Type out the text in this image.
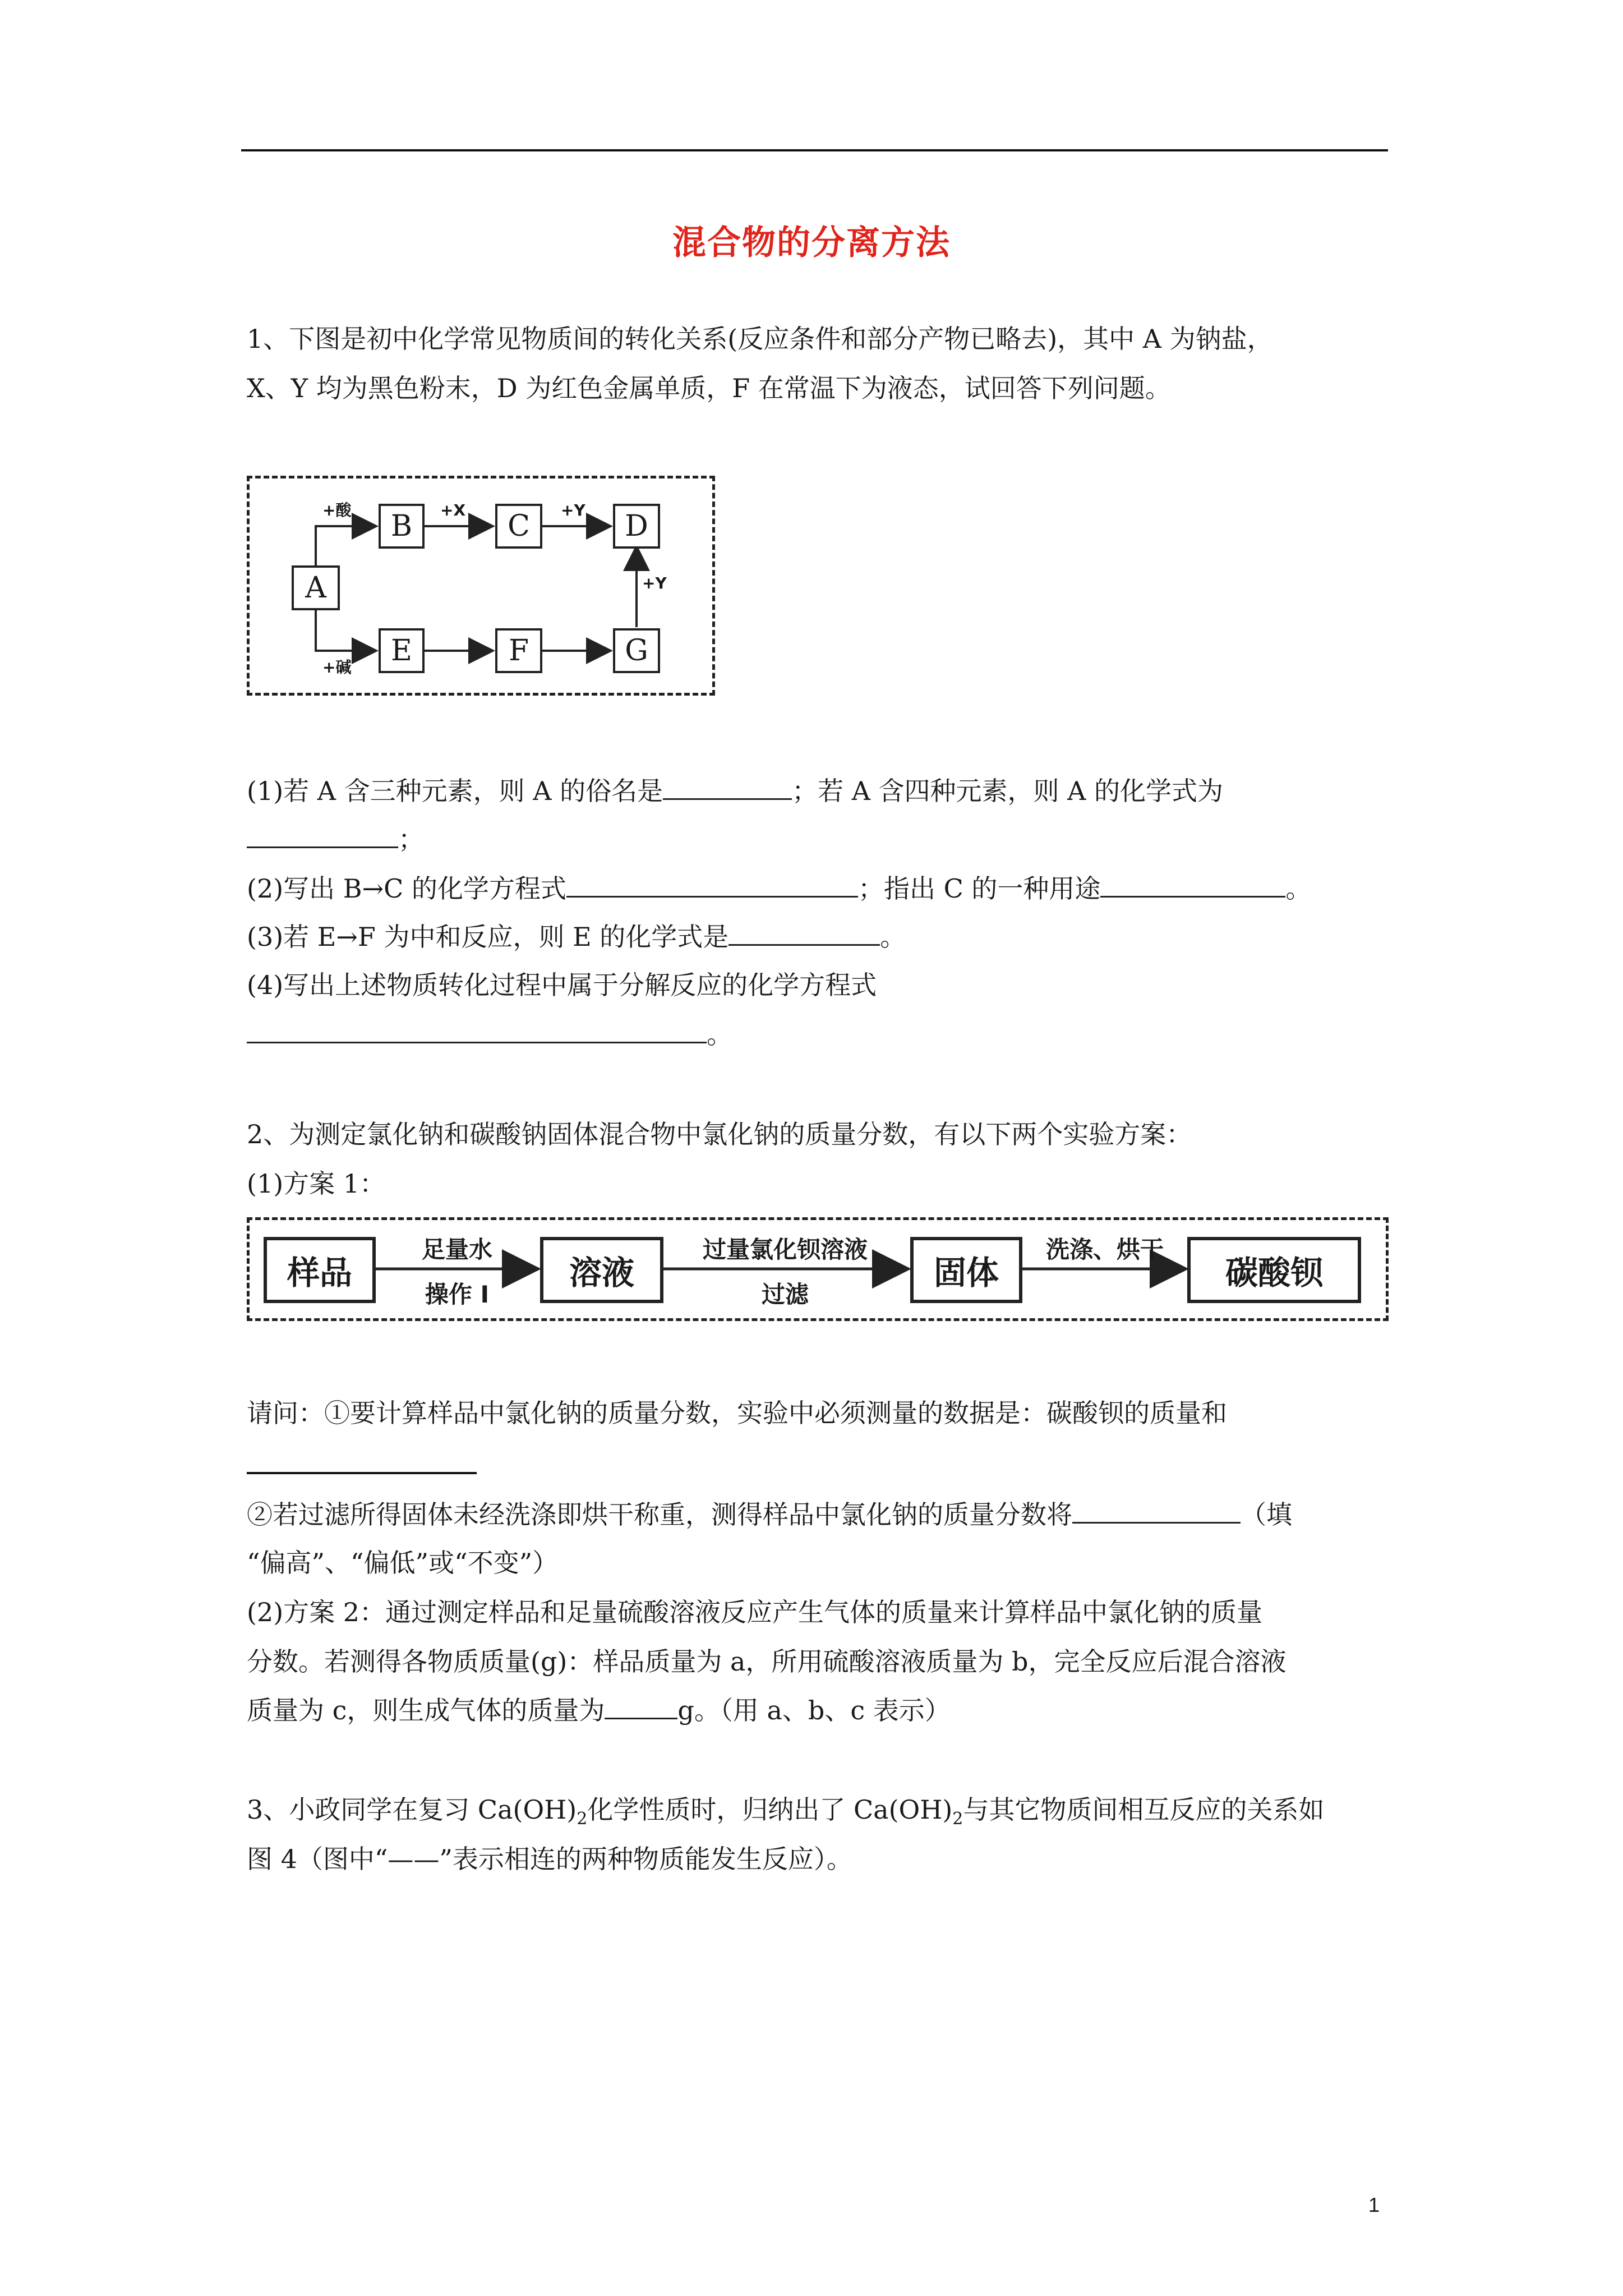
混合物的分离方法
1、下图是初中化学常见物质间的转化关系(反应条件和部分产物已略去)，其中 A 为钠盐，
X、Y 均为黑色粉末，D 为红色金属单质，F 在常温下为液态，试回答下列问题。
A
B	C	D
E	F	G
+酸	+X	+Y
+Y
+碱
(1)若 A 含三种元素，则 A 的俗名是	；若 A 含四种元素，则 A 的化学式为
；
(2)写出 B→C 的化学方程式	；指出 C 的一种用途	。
(3)若 E→F 为中和反应，则 E 的化学式是	。
(4)写出上述物质转化过程中属于分解反应的化学方程式
。
2、为测定氯化钠和碳酸钠固体混合物中氯化钠的质量分数，有以下两个实验方案：
(1)方案 1：
样品	溶液	固体	碳酸钡
足量水
操作 I
过量氯化钡溶液
过滤
洗涤、烘干
请问：①要计算样品中氯化钠的质量分数，实验中必须测量的数据是：碳酸钡的质量和
②若过滤所得固体未经洗涤即烘干称重，测得样品中氯化钠的质量分数将	（填
“偏高”、“偏低”或“不变”）
(2)方案 2：通过测定样品和足量硫酸溶液反应产生气体的质量来计算样品中氯化钠的质量
分数。若测得各物质质量(g)：样品质量为 a，所用硫酸溶液质量为 b，完全反应后混合溶液
质量为 c，则生成气体的质量为	g。（用 a、b、c 表示）
3、小政同学在复习 $Ca(OH)_2$化学性质时，归纳出了 $Ca(OH)_2$与其它物质间相互反应的关系如
图 4（图中“——”表示相连的两种物质能发生反应）。
1
